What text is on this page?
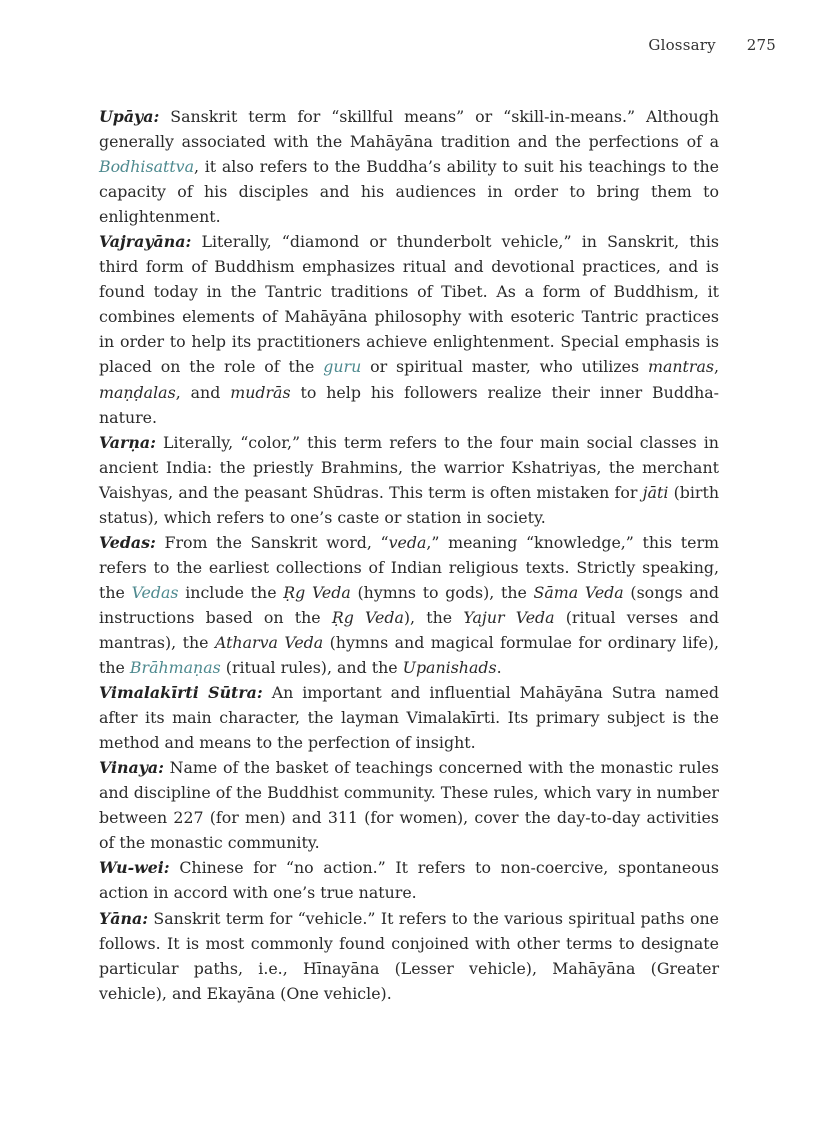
Glossary 275

Upāya: Sanskrit term for “skillful means” or “skill-in-means.” Although generally associated with the Mahāyāna tradition and the perfections of a Bodhisattva, it also refers to the Buddha’s ability to suit his teachings to the capacity of his disciples and his audiences in order to bring them to enlightenment.

Vajrayāna: Literally, “diamond or thunderbolt vehicle,” in Sanskrit, this third form of Buddhism emphasizes ritual and devotional practices, and is found today in the Tantric traditions of Tibet. As a form of Buddhism, it combines elements of Mahāyāna philosophy with esoteric Tantric practices in order to help its practitioners achieve enlightenment. Special emphasis is placed on the role of the guru or spiritual master, who utilizes mantras, maṇḍalas, and mudrās to help his followers realize their inner Buddha-nature.

Varṇa: Literally, “color,” this term refers to the four main social classes in ancient India: the priestly Brahmins, the warrior Kshatriyas, the merchant Vaishyas, and the peasant Shūdras. This term is often mistaken for jāti (birth status), which refers to one’s caste or station in society.

Vedas: From the Sanskrit word, “veda,” meaning “knowledge,” this term refers to the earliest collections of Indian religious texts. Strictly speaking, the Vedas include the Ṛg Veda (hymns to gods), the Sāma Veda (songs and instructions based on the Ṛg Veda), the Yajur Veda (ritual verses and mantras), the Atharva Veda (hymns and magical formulae for ordinary life), the Brāhmaṇas (ritual rules), and the Upanishads.

Vimalakīrti Sūtra: An important and influential Mahāyāna Sutra named after its main character, the layman Vimalakīrti. Its primary subject is the method and means to the perfection of insight.

Vinaya: Name of the basket of teachings concerned with the monastic rules and discipline of the Buddhist community. These rules, which vary in number between 227 (for men) and 311 (for women), cover the day-to-day activities of the monastic community.

Wu-wei: Chinese for “no action.” It refers to non-coercive, spontaneous action in accord with one’s true nature.

Yāna: Sanskrit term for “vehicle.” It refers to the various spiritual paths one follows. It is most commonly found conjoined with other terms to designate particular paths, i.e., Hīnayāna (Lesser vehicle), Mahāyāna (Greater vehicle), and Ekayāna (One vehicle).
